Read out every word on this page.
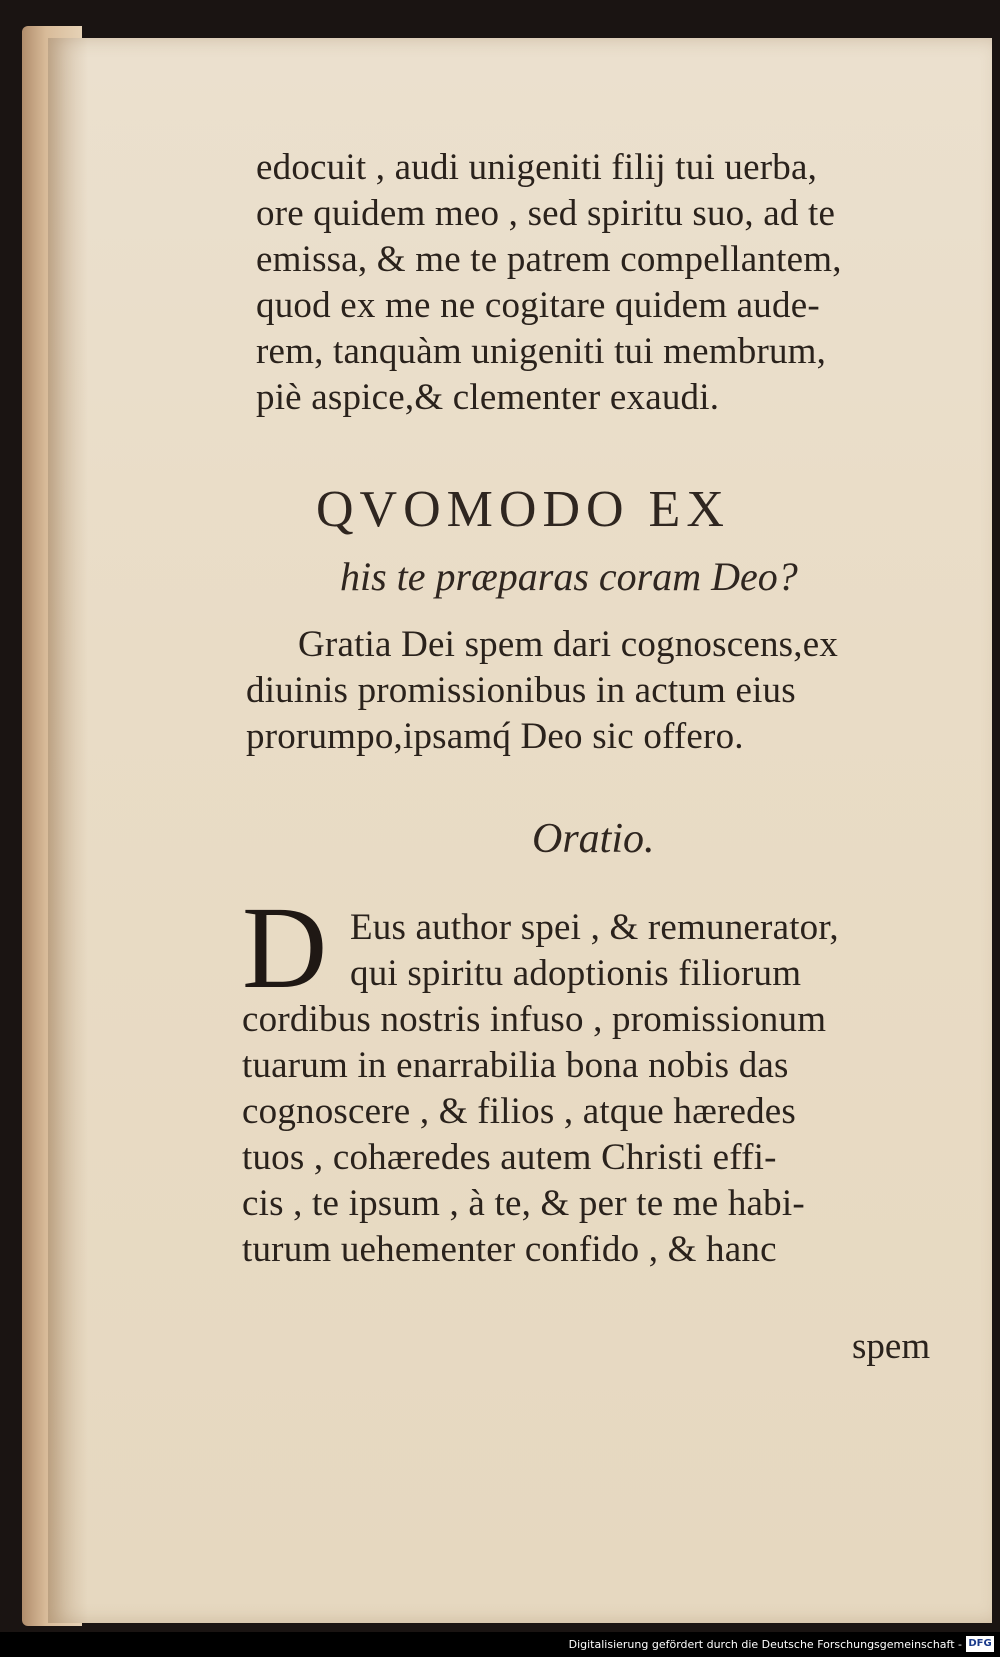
edocuit , audi unigeniti filij tui uerba,
ore quidem meo , sed spiritu suo, ad te
emissa, & me te patrem compellantem,
quod ex me ne cogitare quidem aude-
rem, tanquàm unigeniti tui membrum,
piè aspice,& clementer exaudi.
QVOMODO EX
his te præparas coram Deo?
Gratia Dei spem dari cognoscens,ex
diuinis promissionibus in actum eius
prorumpo,ipsamq́ Deo sic offero.
Oratio.
D Eus author spei , & remunerator,
qui spiritu adoptionis filiorum
cordibus nostris infuso , promissionum
tuarum in enarrabilia bona nobis das
cognoscere , & filios , atque hæredes
tuos , cohæredes autem Christi effi-
cis , te ipsum , à te, & per te me habi-
turum uehementer confido , & hanc
spem
Digitalisierung gefördert durch die Deutsche Forschungsgemeinschaft - DFG
